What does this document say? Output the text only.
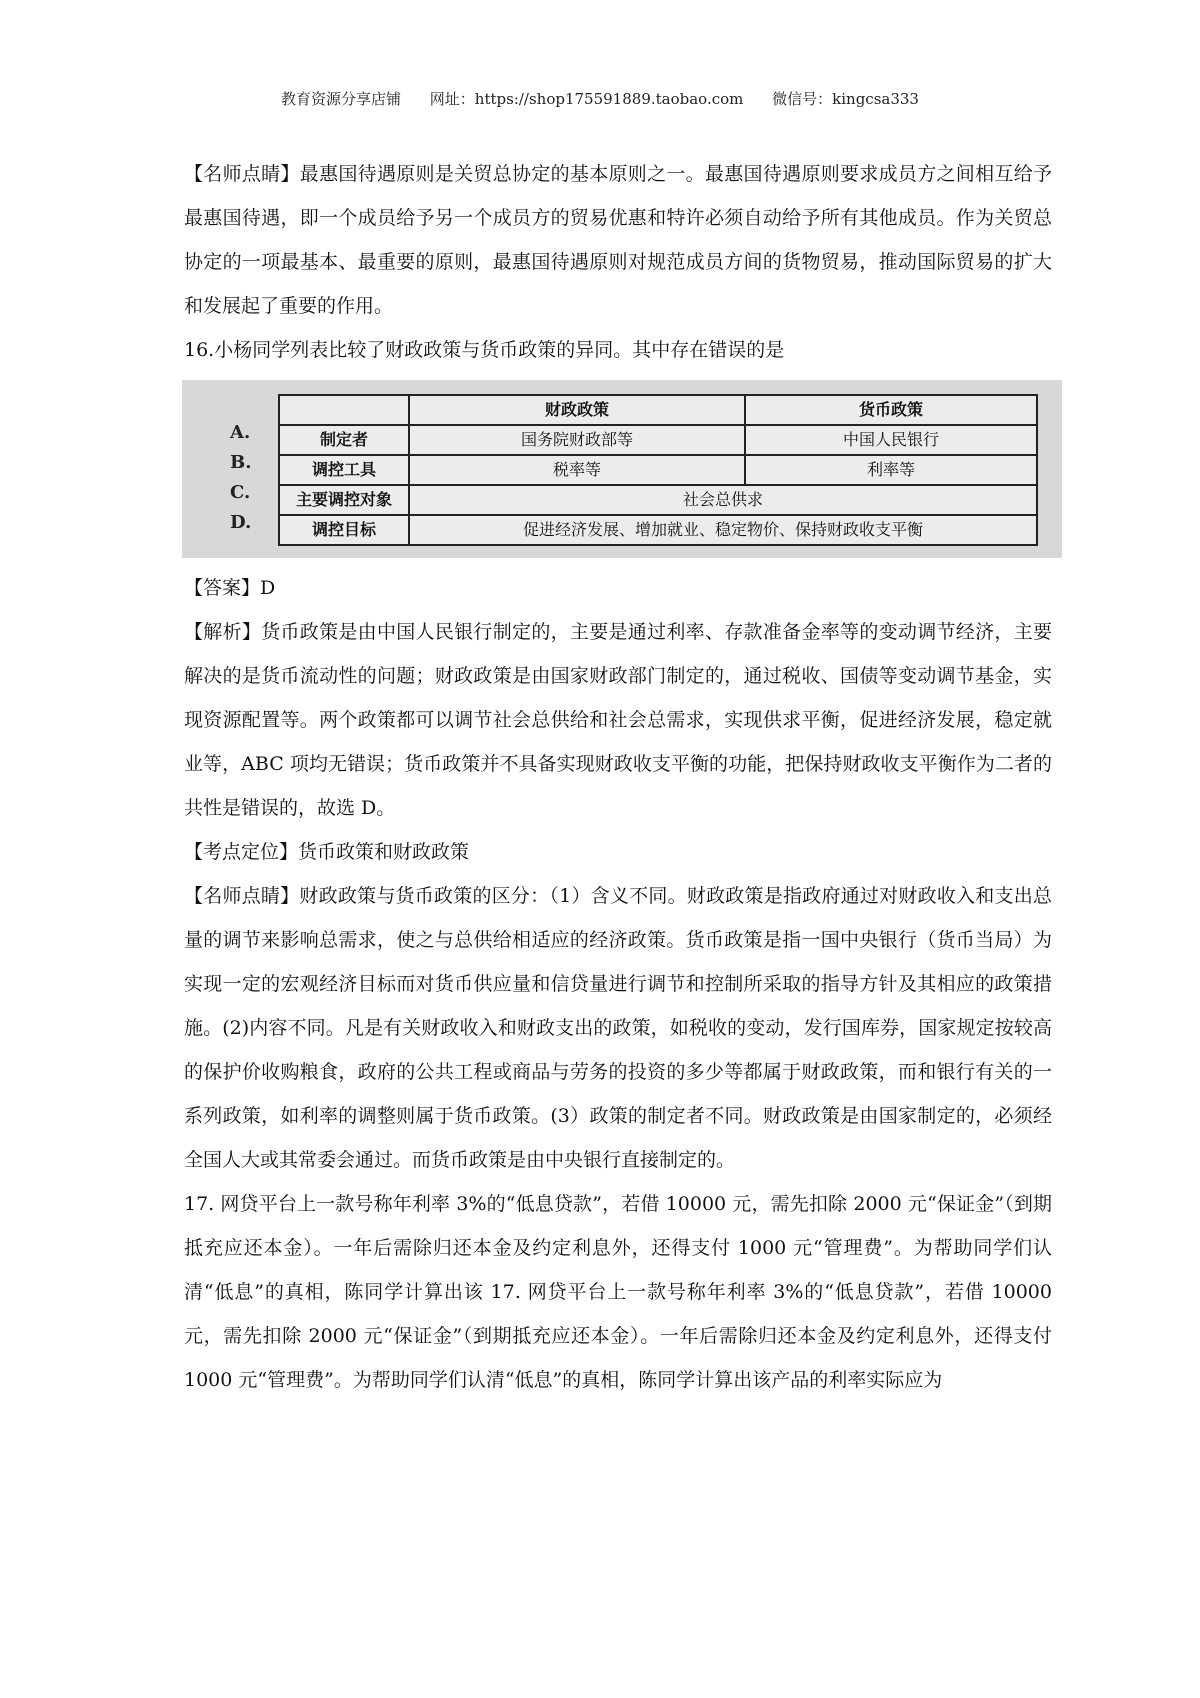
教育资源分享店铺 网址：https://shop175591889.taobao.com 微信号：kingcsa333

【名师点睛】最惠国待遇原则是关贸总协定的基本原则之一。最惠国待遇原则要求成员方之间相互给予最惠国待遇，即一个成员给予另一个成员方的贸易优惠和特许必须自动给予所有其他成员。作为关贸总协定的一项最基本、最重要的原则，最惠国待遇原则对规范成员方间的货物贸易，推动国际贸易的扩大和发展起了重要的作用。

16.小杨同学列表比较了财政政策与货币政策的异同。其中存在错误的是

A.
B.
C.
D.
	财政政策	货币政策
制定者	国务院财政部等	中国人民银行
调控工具	税率等	利率等
主要调控对象	社会总供求	
调控目标	促进经济发展、增加就业、稳定物价、保持财政收支平衡	

【答案】D

【解析】货币政策是由中国人民银行制定的，主要是通过利率、存款准备金率等的变动调节经济，主要解决的是货币流动性的问题；财政政策是由国家财政部门制定的，通过税收、国债等变动调节基金，实现资源配置等。两个政策都可以调节社会总供给和社会总需求，实现供求平衡，促进经济发展，稳定就业等，ABC 项均无错误；货币政策并不具备实现财政收支平衡的功能，把保持财政收支平衡作为二者的共性是错误的，故选 D。

【考点定位】货币政策和财政政策

【名师点睛】财政政策与货币政策的区分：（1）含义不同。财政政策是指政府通过对财政收入和支出总量的调节来影响总需求，使之与总供给相适应的经济政策。货币政策是指一国中央银行（货币当局）为实现一定的宏观经济目标而对货币供应量和信贷量进行调节和控制所采取的指导方针及其相应的政策措施。(2)内容不同。凡是有关财政收入和财政支出的政策，如税收的变动，发行国库券，国家规定按较高的保护价收购粮食，政府的公共工程或商品与劳务的投资的多少等都属于财政政策，而和银行有关的一系列政策，如利率的调整则属于货币政策。(3）政策的制定者不同。财政政策是由国家制定的，必须经全国人大或其常委会通过。而货币政策是由中央银行直接制定的。

17. 网贷平台上一款号称年利率 3%的“低息贷款”，若借 10000 元，需先扣除 2000 元“保证金”（到期抵充应还本金）。一年后需除归还本金及约定利息外，还得支付 1000 元“管理费”。为帮助同学们认清“低息”的真相，陈同学计算出该 17. 网贷平台上一款号称年利率 3%的“低息贷款”，若借 10000 元，需先扣除 2000 元“保证金”（到期抵充应还本金）。一年后需除归还本金及约定利息外，还得支付 1000 元“管理费”。为帮助同学们认清“低息”的真相，陈同学计算出该产品的利率实际应为
